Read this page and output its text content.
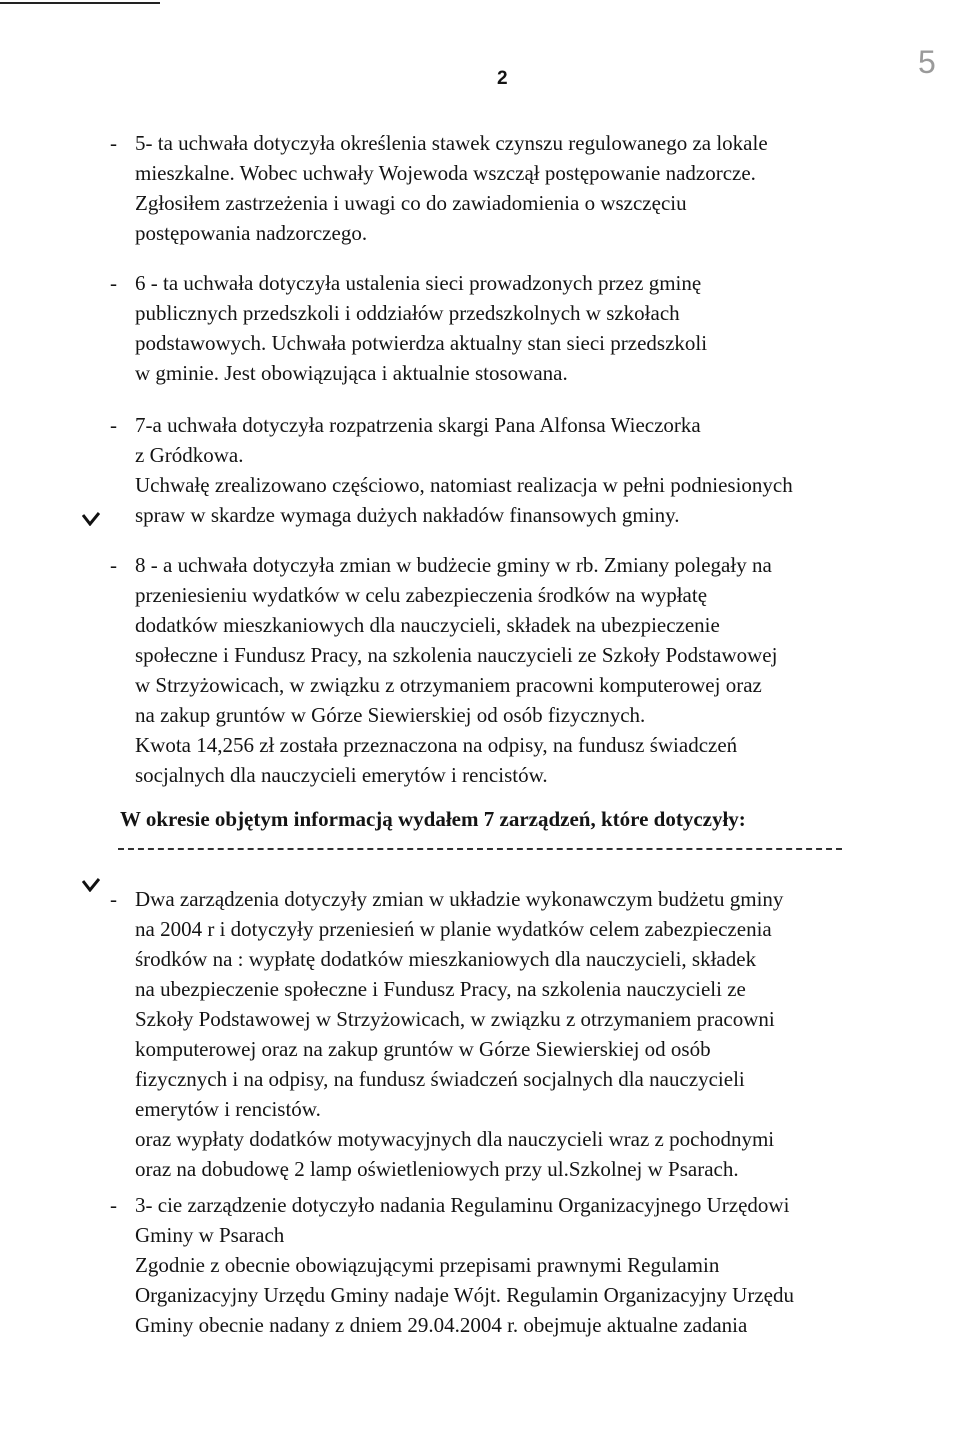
2	5
- 5- ta uchwała dotyczyła określenia stawek czynszu regulowanego za lokale
mieszkalne. Wobec uchwały Wojewoda wszczął postępowanie nadzorcze.
Zgłosiłem zastrzeżenia i uwagi co do zawiadomienia o wszczęciu
postępowania nadzorczego.
- 6 - ta uchwała dotyczyła ustalenia sieci prowadzonych przez gminę
publicznych przedszkoli i oddziałów przedszkolnych w szkołach
podstawowych. Uchwała potwierdza aktualny stan sieci przedszkoli
w gminie. Jest obowiązująca i aktualnie stosowana.
- 7-a uchwała dotyczyła rozpatrzenia skargi Pana Alfonsa Wieczorka
z Gródkowa.
Uchwałę zrealizowano częściowo, natomiast realizacja w pełni podniesionych
spraw w skardze wymaga dużych nakładów finansowych gminy.
- 8 - a uchwała dotyczyła zmian w budżecie gminy w rb. Zmiany polegały na
przeniesieniu wydatków w celu zabezpieczenia środków na wypłatę
dodatków mieszkaniowych dla nauczycieli, składek na ubezpieczenie
społeczne i Fundusz Pracy, na szkolenia nauczycieli ze Szkoły Podstawowej
w Strzyżowicach, w związku z otrzymaniem pracowni komputerowej oraz
na zakup gruntów w Górze Siewierskiej od osób fizycznych.
Kwota 14,256 zł została przeznaczona na odpisy, na fundusz świadczeń
socjalnych dla nauczycieli emerytów i rencistów.
W okresie objętym informacją wydałem 7 zarządzeń, które dotyczyły:
- Dwa zarządzenia dotyczyły zmian w układzie wykonawczym budżetu gminy
na 2004 r i dotyczyły przeniesień w planie wydatków celem zabezpieczenia
środków na : wypłatę dodatków mieszkaniowych dla nauczycieli, składek
na ubezpieczenie społeczne i Fundusz Pracy, na szkolenia nauczycieli ze
Szkoły Podstawowej w Strzyżowicach, w związku z otrzymaniem pracowni
komputerowej oraz na zakup gruntów w Górze Siewierskiej od osób
fizycznych i na odpisy, na fundusz świadczeń socjalnych dla nauczycieli
emerytów i rencistów.
oraz wypłaty dodatków motywacyjnych dla nauczycieli wraz z pochodnymi
oraz na dobudowę 2 lamp oświetleniowych przy ul.Szkolnej w Psarach.
- 3- cie zarządzenie dotyczyło nadania Regulaminu Organizacyjnego Urzędowi
Gminy w Psarach
Zgodnie z obecnie obowiązującymi przepisami prawnymi Regulamin
Organizacyjny Urzędu Gminy nadaje Wójt. Regulamin Organizacyjny Urzędu
Gminy obecnie nadany z dniem 29.04.2004 r. obejmuje aktualne zadania
